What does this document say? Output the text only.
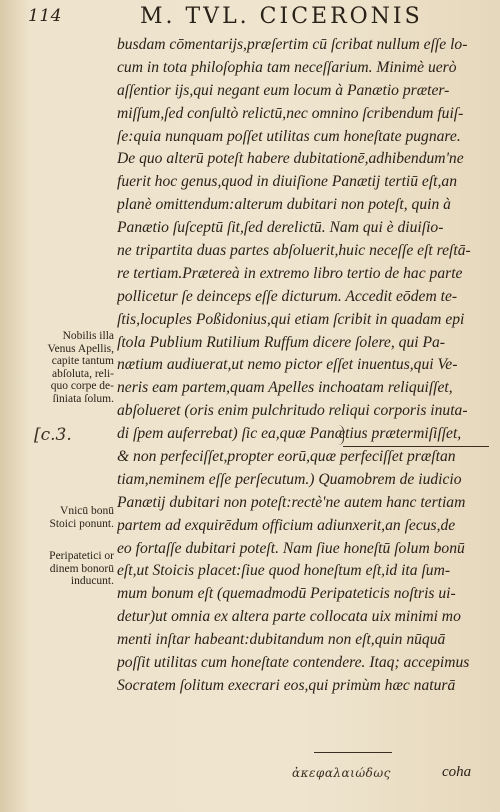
114	M. TVL. CICERONIS
busdam cōmentarijs,præſertim cū ſcribat nullum eſſe lo-
cum in tota philoſophia tam neceſſarium. Minimè uerò
aſſentior ijs,qui negant eum locum à Panætio præter-
miſſum,ſed conſultò relictū,nec omnino ſcribendum fuiſ-
ſe:quia nunquam poſſet utilitas cum honeſtate pugnare.
De quo alterū poteſt habere dubitationē,adhibendum'ne
fuerit hoc genus,quod in diuiſione Panætij tertiū eſt,an
planè omittendum:alterum dubitari non poteſt, quin à
Panætio ſuſceptū ſit,ſed derelictū. Nam qui è diuiſio-
ne tripartita duas partes abſoluerit,huic neceſſe eſt reſtā-
re tertiam.Prætereà in extremo libro tertio de hac parte
pollicetur ſe deinceps eſſe dicturum. Accedit eōdem te-
ſtis,locuples Poßidonius,qui etiam ſcribit in quadam epi
ſtola Publium Rutilium Ruffum dicere ſolere, qui Pa-
nætium audiuerat,ut nemo pictor eſſet inuentus,qui Ve-
neris eam partem,quam Apelles inchoatam reliquiſſet,
abſolueret (oris enim pulchritudo reliqui corporis inuta-
di ſpem auferrebat) ſic ea,quæ Panætius prætermiſiſſet,
& non perfeciſſet,propter eorū,quæ perfeciſſet præſtan
tiam,neminem eſſe perſecutum.) Quamobrem de iudicio
Panætij dubitari non poteſt:rectè'ne autem hanc tertiam
partem ad exquirēdum officium adiunxerit,an ſecus,de
eo fortaſſe dubitari poteſt. Nam ſiue honeſtū ſolum bonū
eſt,ut Stoicis placet:ſiue quod honeſtum eſt,id ita ſum-
mum bonum eſt (quemadmodū Peripateticis noſtris ui-
detur)ut omnia ex altera parte collocata uix minimi mo
menti inſtar habeant:dubitandum non eſt,quin nūquā
poſſit utilitas cum honeſtate contendere. Itaq; accepimus
Socratem ſolitum execrari eos,qui primùm hæc naturā
Nobilis illa
Venus Apellis,
capite tantum
abſoluta, reli-
quo corpe de-
ſiniata ſolum.
Vnicū bonū
Stoici ponunt.
Peripatetici or
dinem bonorū
inducunt.
[c.3.
ἀκεφαλαιώδως	coha
